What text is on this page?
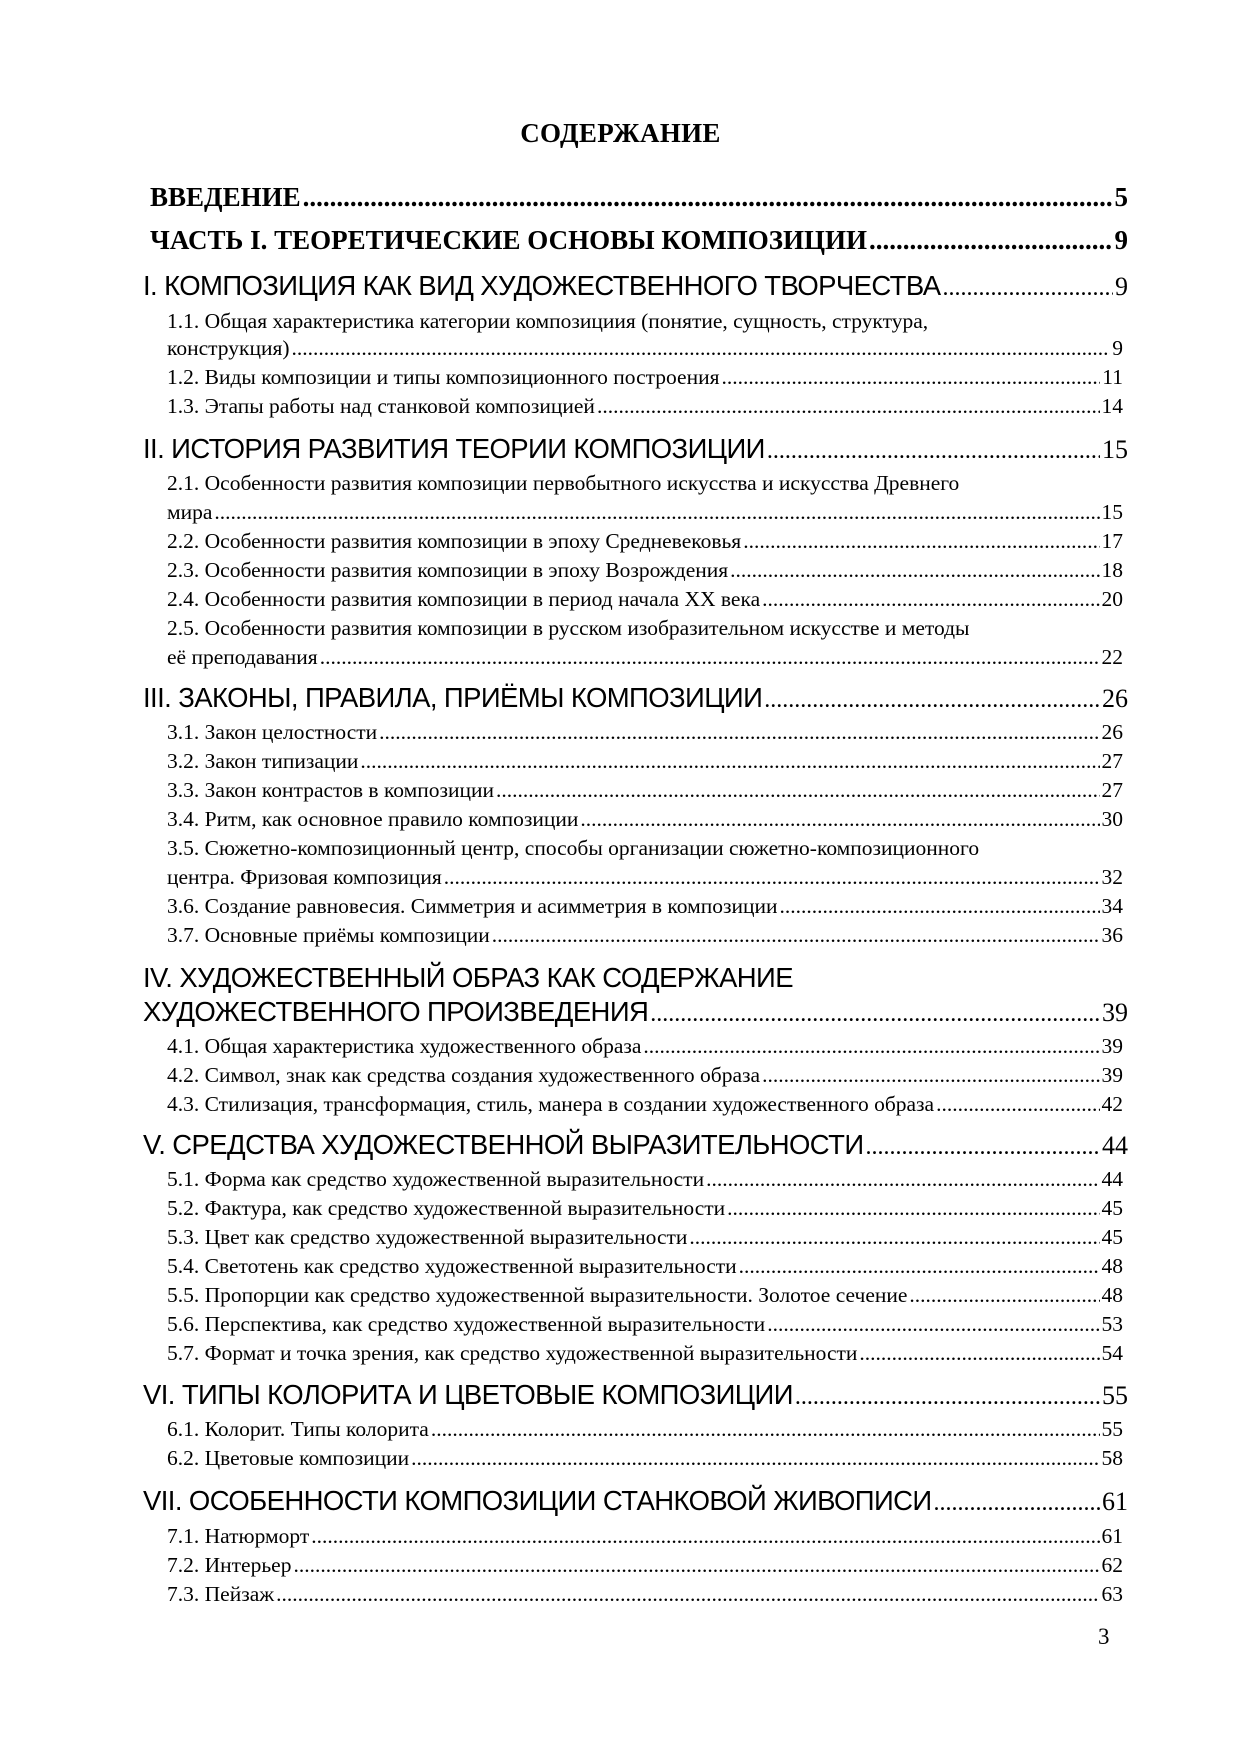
СОДЕРЖАНИЕ
ВВЕДЕНИЕ .....	5
ЧАСТЬ I. ТЕОРЕТИЧЕСКИЕ ОСНОВЫ КОМПОЗИЦИИ .....	9
I. КОМПОЗИЦИЯ КАК ВИД ХУДОЖЕСТВЕННОГО ТВОРЧЕСТВА .....	9
1.1. Общая характеристика категории композициия (понятие, сущность, структура,
конструкция) .....	9
1.2. Виды композиции и типы композиционного построения .....	11
1.3. Этапы работы над станковой композицией .....	14
II. ИСТОРИЯ РАЗВИТИЯ ТЕОРИИ КОМПОЗИЦИИ .....	15
2.1. Особенности развития композиции первобытного искусства и искусства Древнего
мира .....	15
2.2. Особенности развития композиции в эпоху Средневековья .....	17
2.3. Особенности развития композиции в эпоху Возрождения .....	18
2.4. Особенности развития композиции в период начала XX века .....	20
2.5. Особенности развития композиции в русском изобразительном искусстве и методы
её преподавания .....	22
III. ЗАКОНЫ, ПРАВИЛА, ПРИЁМЫ КОМПОЗИЦИИ .....	26
3.1. Закон целостности .....	26
3.2. Закон типизации .....	27
3.3. Закон контрастов в композиции .....	27
3.4. Ритм, как основное правило композиции .....	30
3.5. Сюжетно-композиционный центр, способы организации сюжетно-композиционного
центра. Фризовая композиция .....	32
3.6. Создание равновесия. Симметрия и асимметрия в композиции .....	34
3.7. Основные приёмы композиции .....	36
IV. ХУДОЖЕСТВЕННЫЙ ОБРАЗ КАК СОДЕРЖАНИЕ
ХУДОЖЕСТВЕННОГО ПРОИЗВЕДЕНИЯ .....	39
4.1. Общая характеристика художественного образа .....	39
4.2. Символ, знак как средства создания художественного образа .....	39
4.3. Стилизация, трансформация, стиль, манера в создании художественного образа .....	42
V. СРЕДСТВА ХУДОЖЕСТВЕННОЙ ВЫРАЗИТЕЛЬНОСТИ .....	44
5.1. Форма как средство художественной выразительности .....	44
5.2. Фактура, как средство художественной выразительности .....	45
5.3. Цвет как средство художественной выразительности .....	45
5.4. Светотень как средство художественной выразительности .....	48
5.5. Пропорции как средство художественной выразительности. Золотое сечение .....	48
5.6. Перспектива, как средство художественной выразительности .....	53
5.7. Формат и точка зрения, как средство художественной выразительности .....	54
VI. ТИПЫ КОЛОРИТА И ЦВЕТОВЫЕ КОМПОЗИЦИИ .....	55
6.1. Колорит. Типы колорита .....	55
6.2. Цветовые композиции .....	58
VII. ОСОБЕННОСТИ КОМПОЗИЦИИ СТАНКОВОЙ ЖИВОПИСИ .....	61
7.1. Натюрморт .....	61
7.2. Интерьер .....	62
7.3. Пейзаж .....	63
3
